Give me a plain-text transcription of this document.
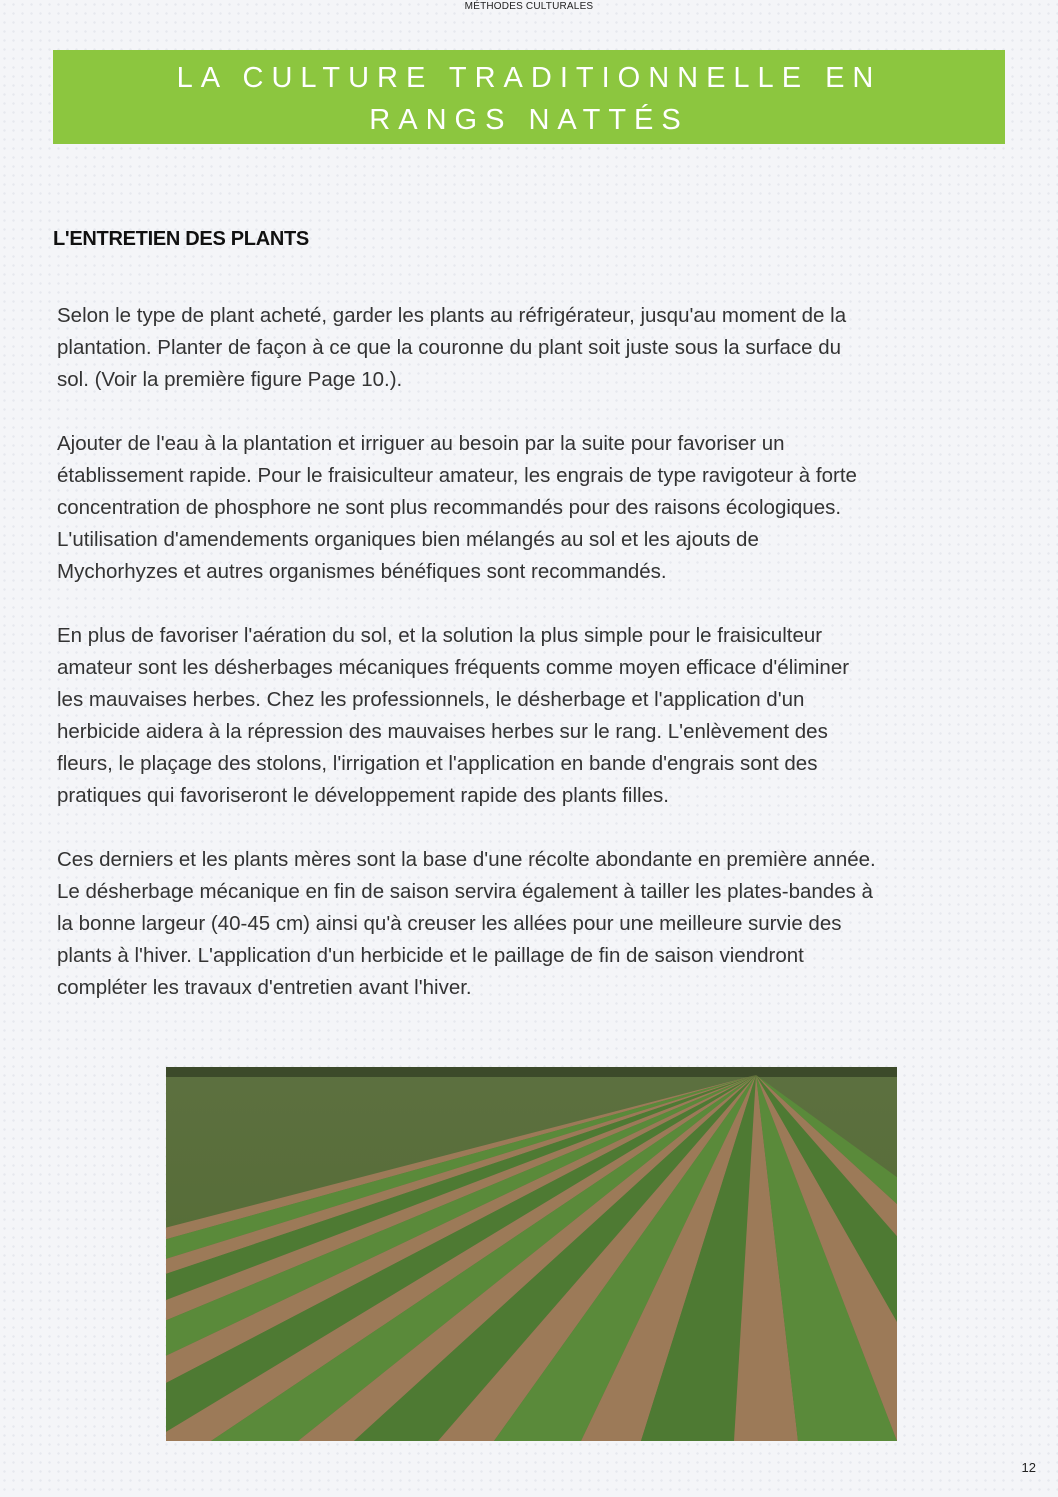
MÉTHODES CULTURALES
LA CULTURE TRADITIONNELLE EN
RANGS NATTÉS
L'ENTRETIEN DES PLANTS

Selon le type de plant acheté, garder les plants au réfrigérateur, jusqu'au moment de la
plantation. Planter de façon à ce que la couronne du plant soit juste sous la surface du
sol. (Voir la première figure Page 10.).

Ajouter de l'eau à la plantation et irriguer au besoin par la suite pour favoriser un
établissement rapide. Pour le fraisiculteur amateur, les engrais de type ravigoteur à forte
concentration de phosphore ne sont plus recommandés pour des raisons écologiques.
L'utilisation d'amendements organiques bien mélangés au sol et les ajouts de
Mychorhyzes et autres organismes bénéfiques sont recommandés.

En plus de favoriser l'aération du sol, et la solution la plus simple pour le fraisiculteur
amateur sont les désherbages mécaniques fréquents comme moyen efficace d'éliminer
les mauvaises herbes. Chez les professionnels, le désherbage et l'application d'un
herbicide aidera à la répression des mauvaises herbes sur le rang. L'enlèvement des
fleurs, le plaçage des stolons, l'irrigation et l'application en bande d'engrais sont des
pratiques qui favoriseront le développement rapide des plants filles.

Ces derniers et les plants mères sont la base d'une récolte abondante en première année.
Le désherbage mécanique en fin de saison servira également à tailler les plates-bandes à
la bonne largeur (40-45 cm) ainsi qu'à creuser les allées pour une meilleure survie des
plants à l'hiver. L'application d'un herbicide et le paillage de fin de saison viendront
compléter les travaux d'entretien avant l'hiver.

12
